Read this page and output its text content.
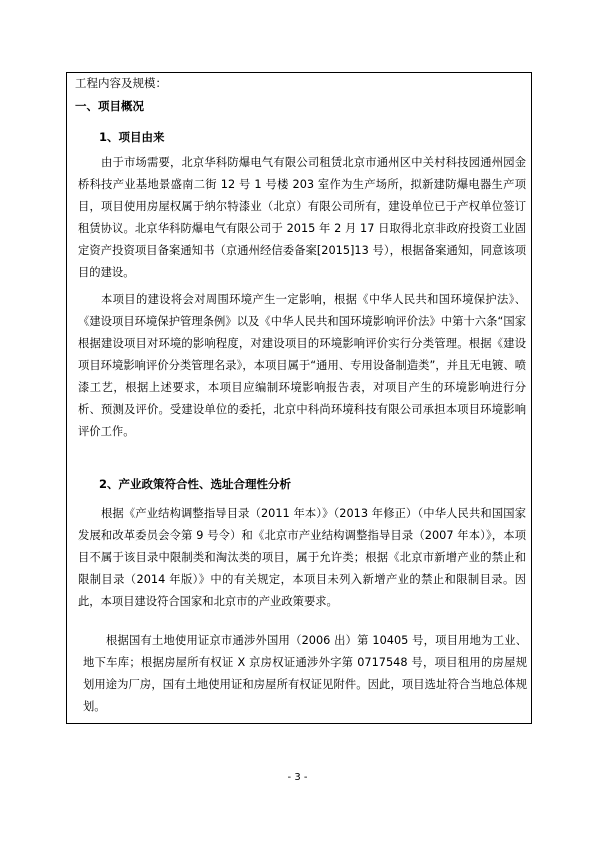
工程内容及规模：
一、项目概况
1、项目由来
由于市场需要，北京华科防爆电气有限公司租赁北京市通州区中关村科技园通州园金桥科技产业基地景盛南二街 12 号 1 号楼 203 室作为生产场所，拟新建防爆电器生产项目，项目使用房屋权属于纳尔特漆业（北京）有限公司所有，建设单位已于产权单位签订租赁协议。北京华科防爆电气有限公司于 2015 年 2 月 17 日取得北京非政府投资工业固定资产投资项目备案通知书（京通州经信委备案[2015]13 号），根据备案通知，同意该项目的建设。
本项目的建设将会对周围环境产生一定影响，根据《中华人民共和国环境保护法》、《建设项目环境保护管理条例》以及《中华人民共和国环境影响评价法》中第十六条“国家根据建设项目对环境的影响程度，对建设项目的环境影响评价实行分类管理。根据《建设项目环境影响评价分类管理名录》，本项目属于“通用、专用设备制造类”，并且无电镀、喷漆工艺，根据上述要求，本项目应编制环境影响报告表，对项目产生的环境影响进行分析、预测及评价。受建设单位的委托，北京中科尚环境科技有限公司承担本项目环境影响评价工作。
2、产业政策符合性、选址合理性分析
根据《产业结构调整指导目录（2011 年本）》（2013 年修正）（中华人民共和国国家发展和改革委员会令第 9 号令）和《北京市产业结构调整指导目录（2007 年本）》，本项目不属于该目录中限制类和淘汰类的项目，属于允许类；根据《北京市新增产业的禁止和限制目录（2014 年版）》中的有关规定，本项目未列入新增产业的禁止和限制目录。因此，本项目建设符合国家和北京市的产业政策要求。
根据国有土地使用证京市通涉外国用（2006 出）第 10405 号，项目用地为工业、地下车库；根据房屋所有权证 X 京房权证通涉外字第 0717548 号，项目租用的房屋规划用途为厂房，国有土地使用证和房屋所有权证见附件。因此，项目选址符合当地总体规划。
- 3 -
